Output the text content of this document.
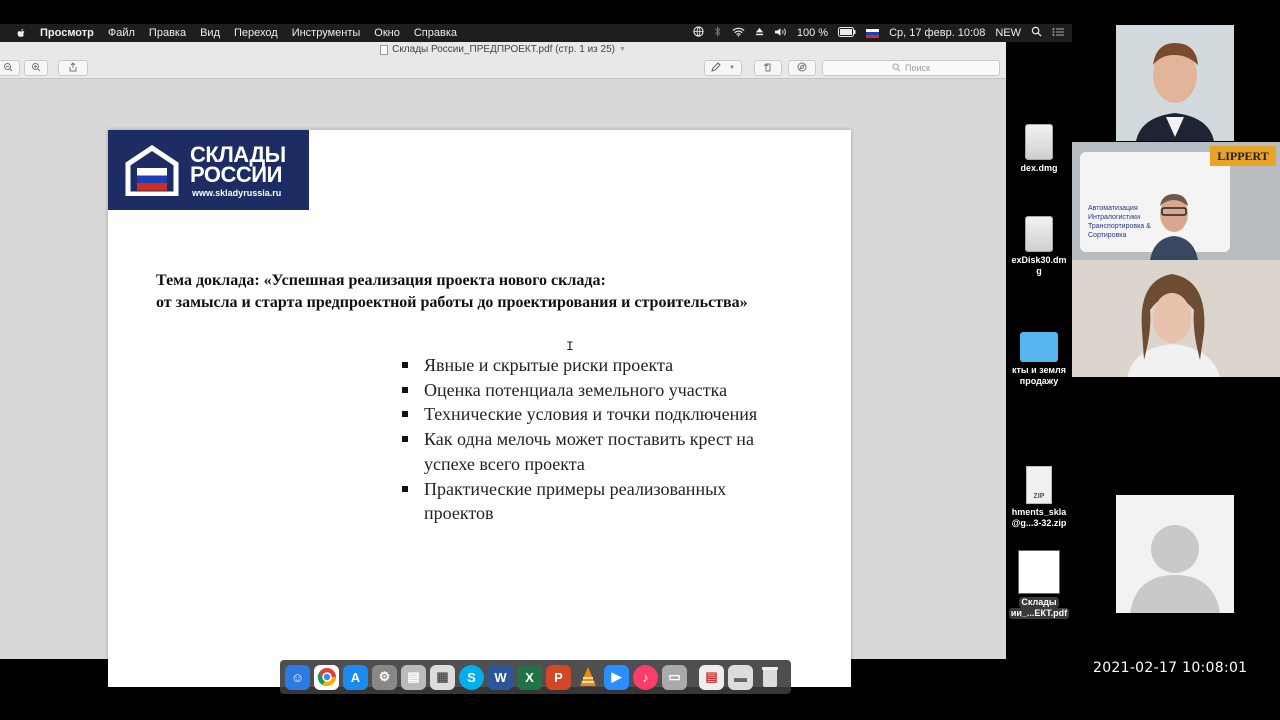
Просмотр Файл Правка Вид Переход Инструменты Окно Справка	100 %	Ср, 17 февр. 10:08 NEW
Склады России_ПРЕДПРОЕКТ.pdf (стр. 1 из 25) ▼
▼	Поиск
СКЛАДЫ
РОССИИ
www.skladyrussia.ru
Тема доклада: «Успешная реализация проекта нового склада:
от замысла и старта предпроектной работы до проектирования и строительства»
I
Явные и скрытые риски проекта
Оценка потенциала земельного участка
Технические условия и точки подключения
Как одна мелочь может поставить крест на успехе всего проекта
Практические примеры реализованных проектов
dex.dmg
exDisk30.dm
g
кты и земля
продажу
ZIP
hments_skla
@g...3-32.zip
Склады
ии_...ЕКТ.pdf
Автоматизация Интралогистики Транспортировка & Сортировка
LIPPERT
☺	A	⚙	▤	▦	S	W	X	P	▶	♪	▭	▤	▬
2021-02-17 10:08:01
